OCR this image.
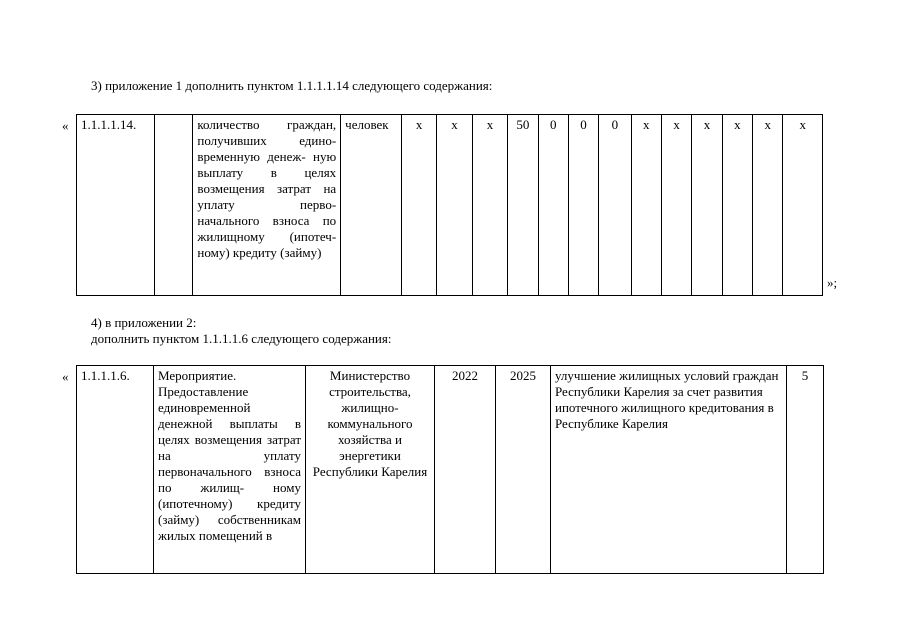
3) приложение 1 дополнить пунктом 1.1.1.1.14 следующего содержания:
« 1.1.1.1.14.		количество граждан, получивших едино- временную денеж- ную выплату в целях возмещения затрат на уплату перво- начального взноса по жилищному (ипотеч- ному) кредиту (займу)	человек	х	х	х	50	0	0	0	х	х	х	х	х	х
»;
4) в приложении 2:
дополнить пунктом 1.1.1.1.6 следующего содержания:
« 1.1.1.1.6.	Мероприятие. Предоставление единовременной денежной выплаты в целях возмещения затрат на уплату первоначального взноса по жилищ- ному (ипотечному) кредиту (займу) собственникам жилых помещений в	Министерство строительства, жилищно- коммунального хозяйства и энергетики Республики Карелия	2022	2025	улучшение жилищных условий граждан Республики Карелия за счет развития ипотечного жилищного кредитования в Республике Карелия	5
